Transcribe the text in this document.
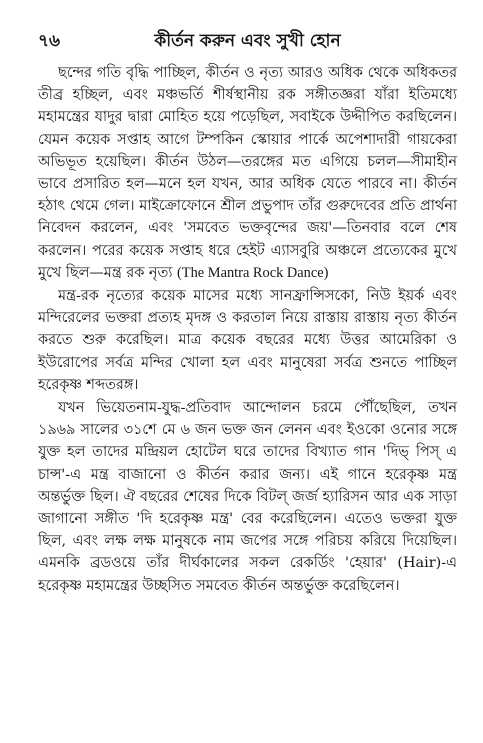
৭৬	কীর্তন করুন এবং সুখী হোন

ছন্দের গতি বৃদ্ধি পাচ্ছিল, কীর্তন ও নৃত্য আরও অধিক থেকে অধিকতর তীব্র হচ্ছিল, এবং মঞ্চভর্তি শীর্ষস্থানীয় রক সঙ্গীতজ্ঞরা যাঁরা ইতিমধ্যে মহামন্ত্রের যাদুর দ্বারা মোহিত হয়ে পড়েছিল, সবাইকে উদ্দীপিত করছিলেন। যেমন কয়েক সপ্তাহ আগে টম্পকিন স্কোয়ার পার্কে অপেশাদারী গায়কেরা অভিভূত হয়েছিল। কীর্তন উঠল—তরঙ্গের মত এগিয়ে চলল—সীমাহীন ভাবে প্রসারিত হল—মনে হল যখন, আর অধিক যেতে পারবে না। কীর্তন হঠাৎ থেমে গেল। মাইক্রোফোনে শ্রীল প্রভুপাদ তাঁর গুরুদেবের প্রতি প্রার্থনা নিবেদন করলেন, এবং 'সমবেত ভক্তবৃন্দের জয়'—তিনবার বলে শেষ করলেন। পরের কয়েক সপ্তাহ ধরে হেইট এ্যাসবুরি অঞ্চলে প্রত্যেকের মুখে মুখে ছিল—মন্ত্র রক নৃত্য (The Mantra Rock Dance)

মন্ত্র-রক নৃত্যের কয়েক মাসের মধ্যে সানফ্রান্সিসকো, নিউ ইয়র্ক এবং মন্দিরেলের ভক্তরা প্রত্যহ মৃদঙ্গ ও করতাল নিয়ে রাস্তায় রাস্তায় নৃত্য কীর্তন করতে শুরু করেছিল। মাত্র কয়েক বছরের মধ্যে উত্তর আমেরিকা ও ইউরোপের সর্বত্র মন্দির খোলা হল এবং মানুষেরা সর্বত্র শুনতে পাচ্ছিল হরেকৃষ্ণ শব্দতরঙ্গ।

যখন ভিয়েতনাম-যুদ্ধ-প্রতিবাদ আন্দোলন চরমে পৌঁছেছিল, তখন ১৯৬৯ সালের ৩১শে মে ৬ জন ভক্ত জন লেনন এবং ইওকো ওনোর সঙ্গে যুক্ত হল তাদের মন্দ্রিয়ল হোটেল ঘরে তাদের বিখ্যাত গান 'দিভ্‌ পিস্‌ এ চান্স'-এ মন্ত্র বাজানো ও কীর্তন করার জন্য। এই গানে হরেকৃষ্ণ মন্ত্র অন্তর্ভুক্ত ছিল। ঐ বছরের শেষের দিকে বিটল্‌ জর্জ হ্যারিসন আর এক সাড়া জাগানো সঙ্গীত 'দি হরেকৃষ্ণ মন্ত্র' বের করেছিলেন। এতেও ভক্তরা যুক্ত ছিল, এবং লক্ষ লক্ষ মানুষকে নাম জপের সঙ্গে পরিচয় করিয়ে দিয়েছিল। এমনকি ব্রডওয়ে তাঁর দীর্ঘকালের সকল রেকর্ডিং 'হেয়ার' (Hair)-এ হরেকৃষ্ণ মহামন্ত্রের উচ্ছসিত সমবেত কীর্তন অন্তর্ভুক্ত করেছিলেন।
